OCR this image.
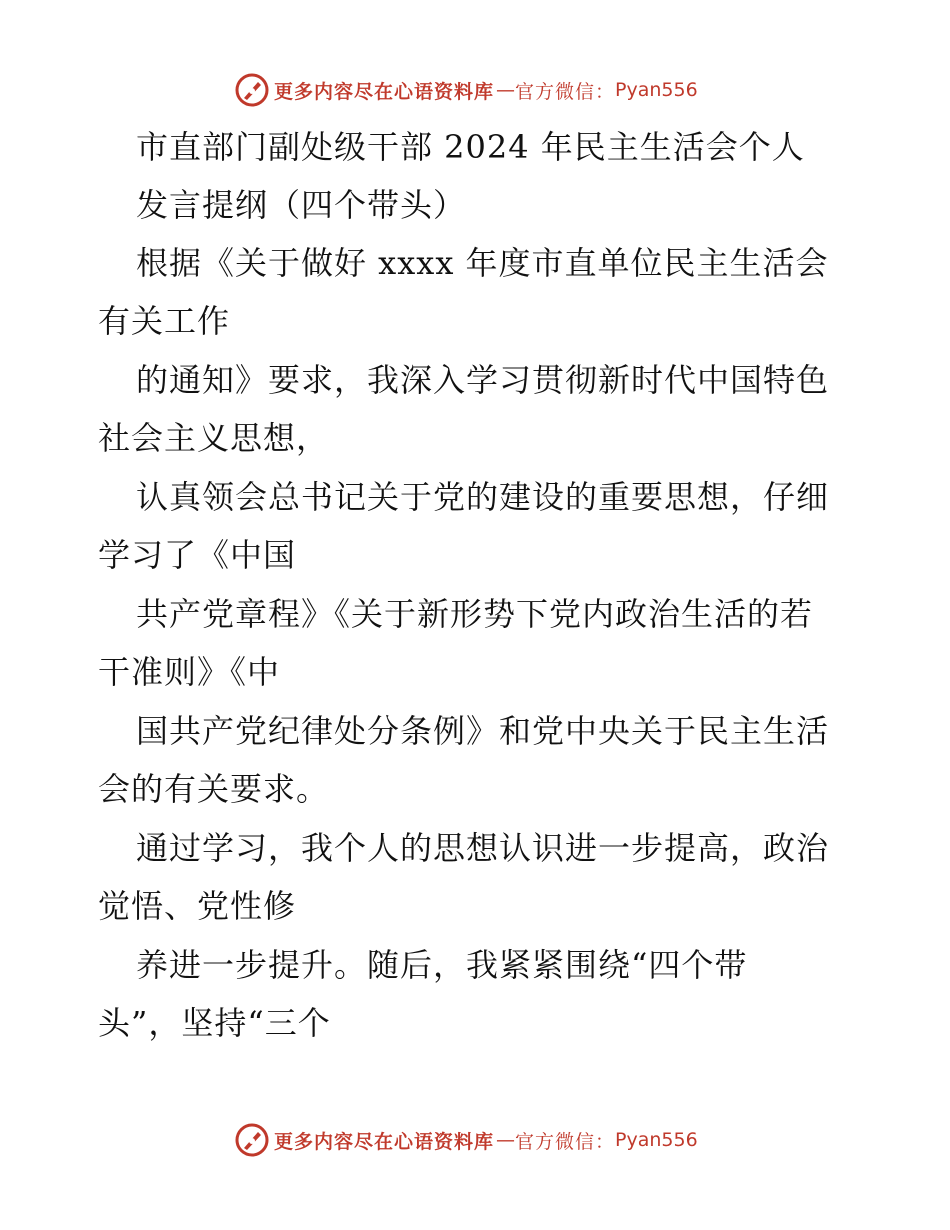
更多内容尽在心语资料库 — 官方微信： Pyan556
市直部门副处级干部 2024 年民主生活会个人
发言提纲（四个带头）
根据《关于做好 xxxx 年度市直单位民主生活会
有关工作
的通知》要求，我深入学习贯彻新时代中国特色
社会主义思想，
认真领会总书记关于党的建设的重要思想，仔细
学习了《中国
共产党章程》《关于新形势下党内政治生活的若
干准则》《中
国共产党纪律处分条例》和党中央关于民主生活
会的有关要求。
通过学习，我个人的思想认识进一步提高，政治
觉悟、党性修
养进一步提升。随后，我紧紧围绕“四个带
头”，坚持“三个
更多内容尽在心语资料库 — 官方微信： Pyan556
